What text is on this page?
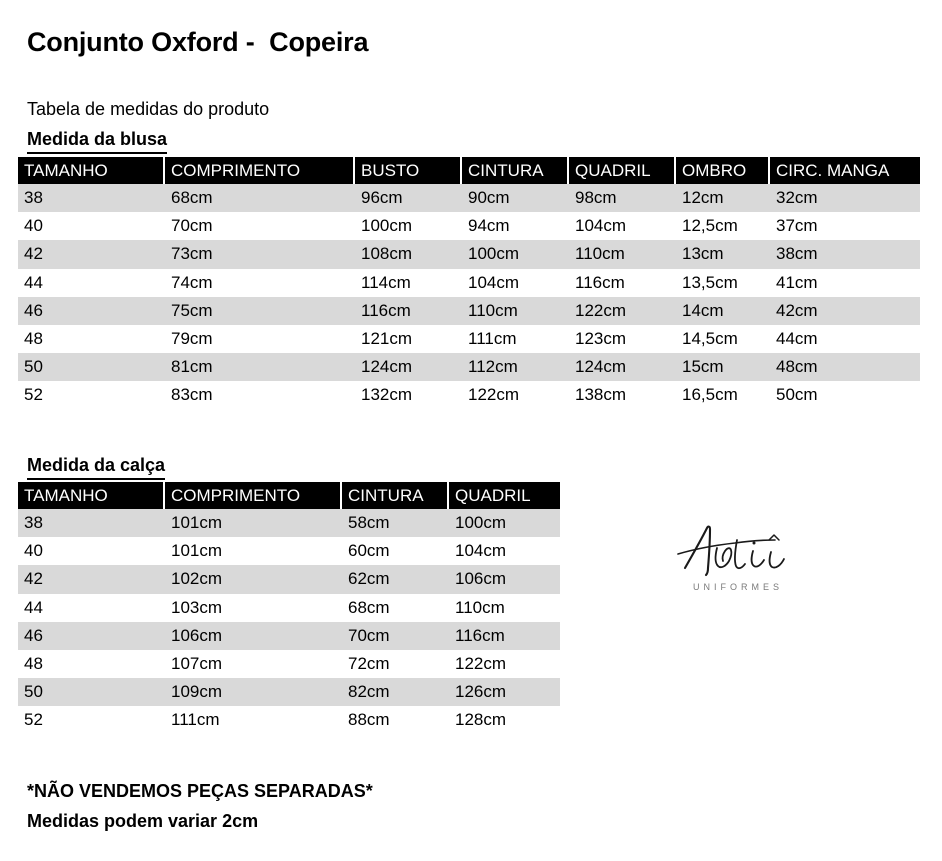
Conjunto Oxford -  Copeira
Tabela de medidas do produto
Medida da blusa
TAMANHO	COMPRIMENTO	BUSTO	CINTURA	QUADRIL	OMBRO	CIRC. MANGA
38	68cm	96cm	90cm	98cm	12cm	32cm
40	70cm	100cm	94cm	104cm	12,5cm	37cm
42	73cm	108cm	100cm	110cm	13cm	38cm
44	74cm	114cm	104cm	116cm	13,5cm	41cm
46	75cm	116cm	110cm	122cm	14cm	42cm
48	79cm	121cm	111cm	123cm	14,5cm	44cm
50	81cm	124cm	112cm	124cm	15cm	48cm
52	83cm	132cm	122cm	138cm	16,5cm	50cm
Medida da calça
TAMANHO	COMPRIMENTO	CINTURA	QUADRIL
38	101cm	58cm	100cm
40	101cm	60cm	104cm
42	102cm	62cm	106cm
44	103cm	68cm	110cm
46	106cm	70cm	116cm
48	107cm	72cm	122cm
50	109cm	82cm	126cm
52	111cm	88cm	128cm
UNIFORMES
*NÃO VENDEMOS PEÇAS SEPARADAS*
Medidas podem variar 2cm
